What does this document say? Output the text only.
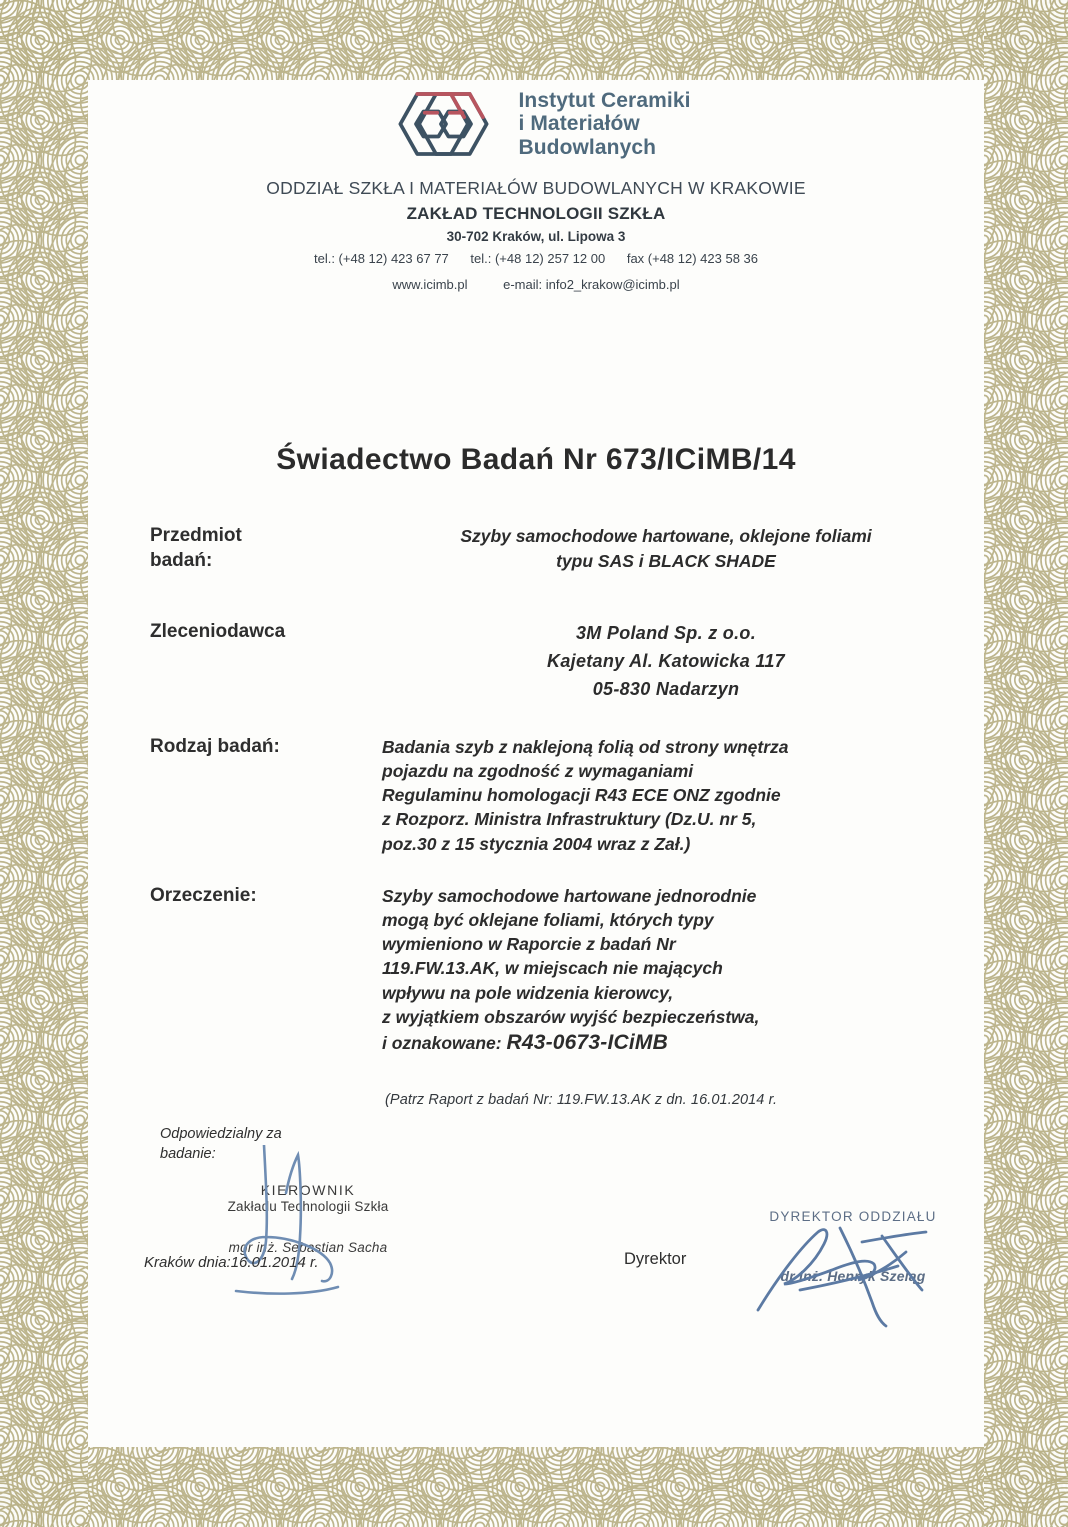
Instytut Ceramiki
i Materiałów
Budowlanych
ODDZIAŁ SZKŁA I MATERIAŁÓW BUDOWLANYCH W KRAKOWIE
ZAKŁAD TECHNOLOGII SZKŁA
30-702 Kraków, ul. Lipowa 3
tel.: (+48 12) 423 67 77 tel.: (+48 12) 257 12 00 fax (+48 12) 423 58 36
www.icimb.pl	e-mail: info2_krakow@icimb.pl
Świadectwo Badań Nr 673/ICiMB/14
Przedmiot
badań:
Szyby samochodowe hartowane, oklejone foliami
typu SAS i BLACK SHADE
Zleceniodawca	3M Poland Sp. z o.o.
Kajetany Al. Katowicka 117
05-830 Nadarzyn
Rodzaj badań:	Badania szyb z naklejoną folią od strony wnętrza
pojazdu na zgodność z wymaganiami
Regulaminu homologacji R43 ECE ONZ zgodnie
z Rozporz. Ministra Infrastruktury (Dz.U. nr 5,
poz.30 z 15 stycznia 2004 wraz z Zał.)
Orzeczenie:	Szyby samochodowe hartowane jednorodnie
mogą być oklejane foliami, których typy
wymieniono w Raporcie z badań Nr
119.FW.13.AK, w miejscach nie mających
wpływu na pole widzenia kierowcy,
z wyjątkiem obszarów wyjść bezpieczeństwa,
i oznakowane: R43-0673-ICiMB
(Patrz Raport z badań Nr: 119.FW.13.AK z dn. 16.01.2014 r.
Odpowiedzialny za
badanie:
KIEROWNIK
Zakładu Technologii Szkła
mgr inż. Sebastian Sacha
Kraków dnia:16.01.2014 r.	Dyrektor
DYREKTOR ODDZIAŁU
dr inż. Henryk Szeląg
